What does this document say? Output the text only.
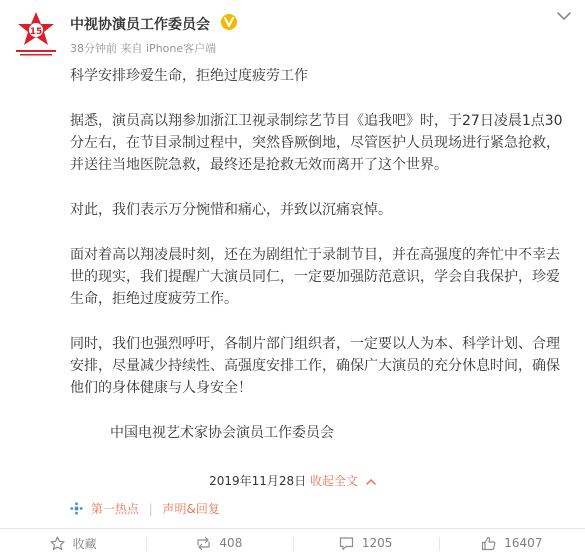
15 中视协演员工作委员会
38分钟前 来自 iPhone客户端

科学安排珍爱生命，拒绝过度疲劳工作

据悉，演员高以翔参加浙江卫视录制综艺节目《追我吧》时，于27日凌晨1点30

分左右，在节目录制过程中，突然昏厥倒地，尽管医护人员现场进行紧急抢救，

并送往当地医院急救，最终还是抢救无效而离开了这个世界。

对此，我们表示万分惋惜和痛心，并致以沉痛哀悼。

面对着高以翔凌晨时刻，还在为剧组忙于录制节目，并在高强度的奔忙中不幸去

世的现实，我们提醒广大演员同仁，一定要加强防范意识，学会自我保护，珍爱

生命，拒绝过度疲劳工作。

同时，我们也强烈呼吁，各制片部门组织者，一定要以人为本、科学计划、合理

安排，尽量减少持续性、高强度安排工作，确保广大演员的充分休息时间，确保

他们的身体健康与人身安全！

中国电视艺术家协会演员工作委员会

2019年11月28日 收起全文
第一热点 | 声明&回复
收藏	408	1205	16407
